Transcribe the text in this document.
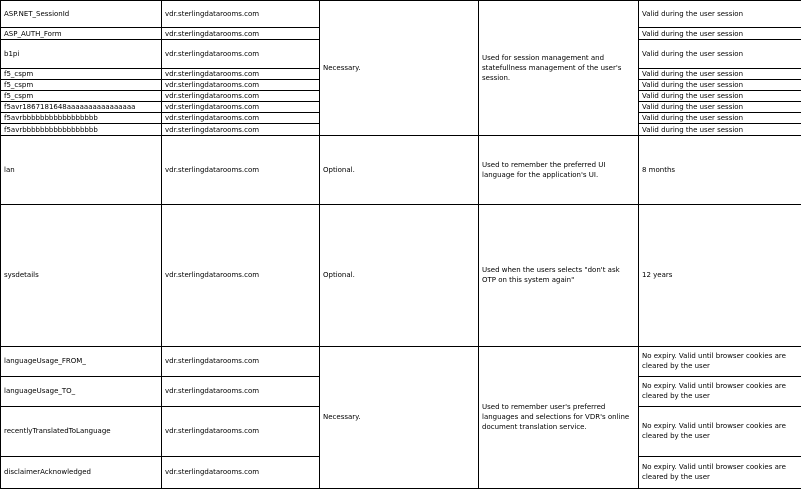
ASP.NET_SessionId	vdr.sterlingdatarooms.com	Necessary.	Used for session management and statefullness management of the user's session.	Valid during the user session
ASP_AUTH_Form	vdr.sterlingdatarooms.com			Valid during the user session
b1pi	vdr.sterlingdatarooms.com			Valid during the user session
f5_cspm	vdr.sterlingdatarooms.com			Valid during the user session
f5_cspm	vdr.sterlingdatarooms.com			Valid during the user session
f5_cspm	vdr.sterlingdatarooms.com			Valid during the user session
f5avr1867181648aaaaaaaaaaaaaaaa	vdr.sterlingdatarooms.com			Valid during the user session
f5avrbbbbbbbbbbbbbbbbb	vdr.sterlingdatarooms.com			Valid during the user session
f5avrbbbbbbbbbbbbbbbbb	vdr.sterlingdatarooms.com			Valid during the user session
lan	vdr.sterlingdatarooms.com	Optional.	Used to remember the preferred UI language for the application's UI.	8 months
sysdetails	vdr.sterlingdatarooms.com	Optional.	Used when the users selects "don't ask OTP on this system again"	12 years
languageUsage_FROM_	vdr.sterlingdatarooms.com	Necessary.	Used to remember user's preferred languages and selections for VDR's online document translation service.	No expiry. Valid until browser cookies are cleared by the user
languageUsage_TO_	vdr.sterlingdatarooms.com			No expiry. Valid until browser cookies are cleared by the user
recentlyTranslatedToLanguage	vdr.sterlingdatarooms.com			No expiry. Valid until browser cookies are cleared by the user
disclaimerAcknowledged	vdr.sterlingdatarooms.com			No expiry. Valid until browser cookies are cleared by the user
